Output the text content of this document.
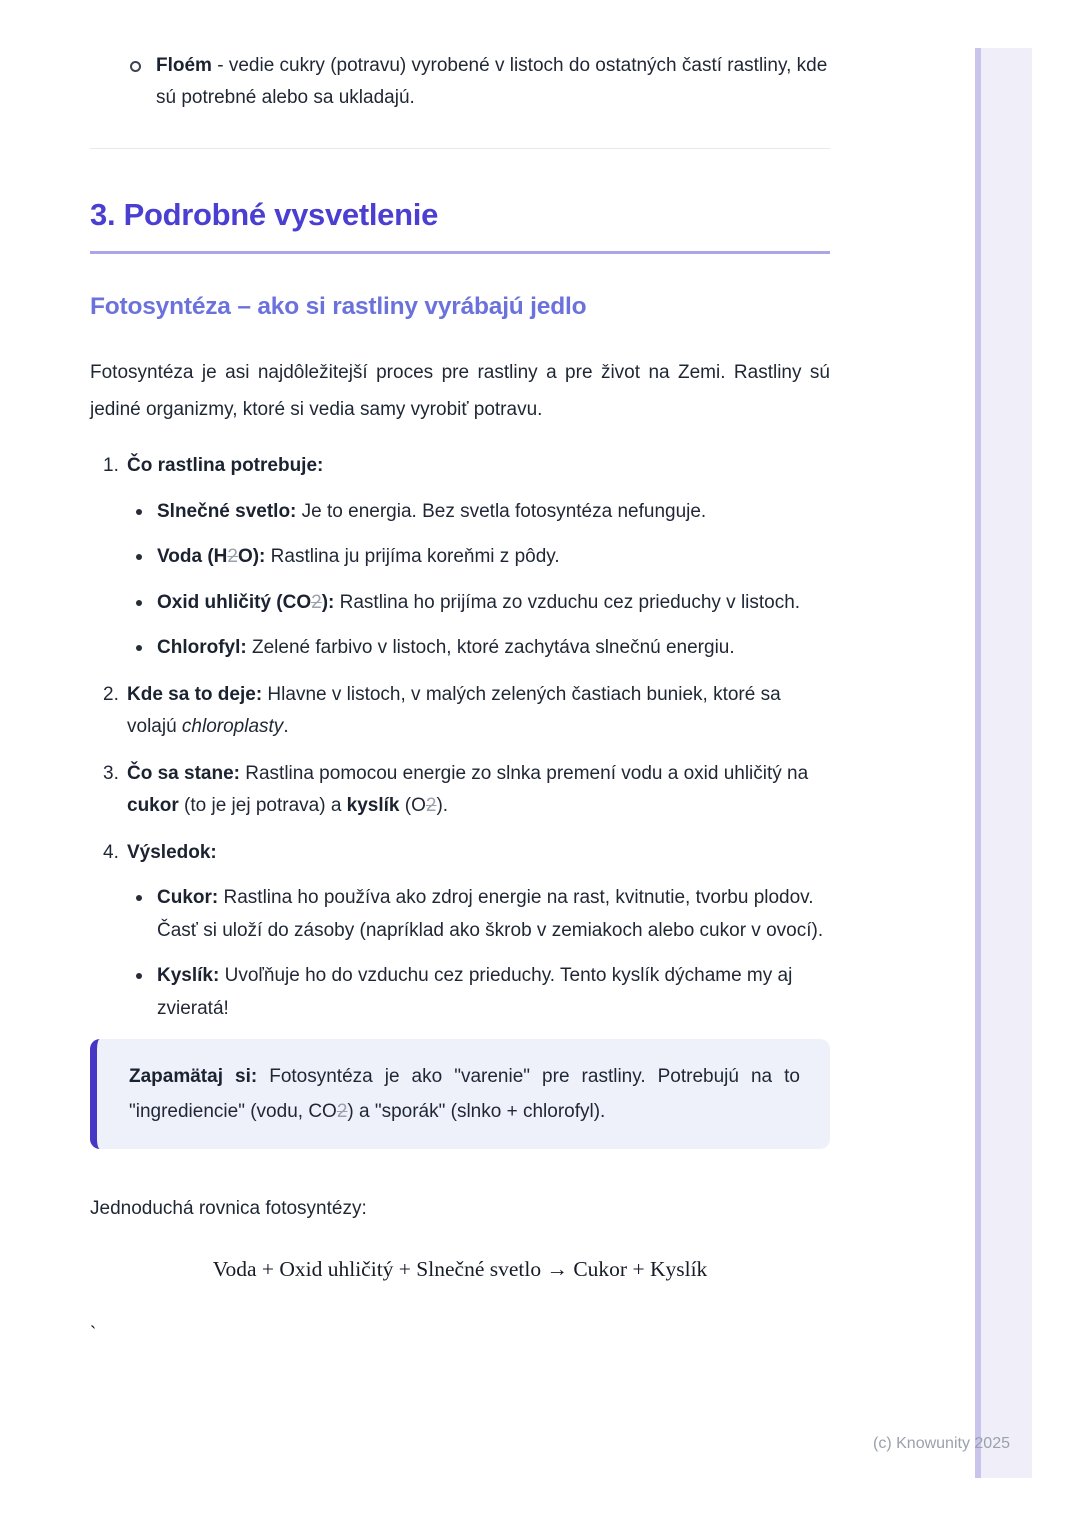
Floém - vedie cukry (potravu) vyrobené v listoch do ostatných častí rastliny, kde sú potrebné alebo sa ukladajú.
3. Podrobné vysvetlenie
Fotosyntéza – ako si rastliny vyrábajú jedlo

Fotosyntéza je asi najdôležitejší proces pre rastliny a pre život na Zemi. Rastliny sú jediné organizmy, ktoré si vedia samy vyrobiť potravu.

1. Čo rastlina potrebuje:
Slnečné svetlo: Je to energia. Bez svetla fotosyntéza nefunguje.
Voda (H2O): Rastlina ju prijíma koreňmi z pôdy.
Oxid uhličitý (CO2): Rastlina ho prijíma zo vzduchu cez prieduchy v listoch.
Chlorofyl: Zelené farbivo v listoch, ktoré zachytáva slnečnú energiu.
2. Kde sa to deje: Hlavne v listoch, v malých zelených častiach buniek, ktoré sa volajú chloroplasty.
3. Čo sa stane: Rastlina pomocou energie zo slnka premení vodu a oxid uhličitý na cukor (to je jej potrava) a kyslík (O2).
4. Výsledok:
Cukor: Rastlina ho používa ako zdroj energie na rast, kvitnutie, tvorbu plodov. Časť si uloží do zásoby (napríklad ako škrob v zemiakoch alebo cukor v ovocí).
Kyslík: Uvoľňuje ho do vzduchu cez prieduchy. Tento kyslík dýchame my aj zvieratá!
Zapamätaj si: Fotosyntéza je ako "varenie" pre rastliny. Potrebujú na to "ingrediencie" (vodu, CO2) a "sporák" (slnko + chlorofyl).

Jednoduchá rovnica fotosyntézy:

Voda + Oxid uhličitý + Slnečné svetlo → Cukor + Kyslík
`
(c) Knowunity 2025
